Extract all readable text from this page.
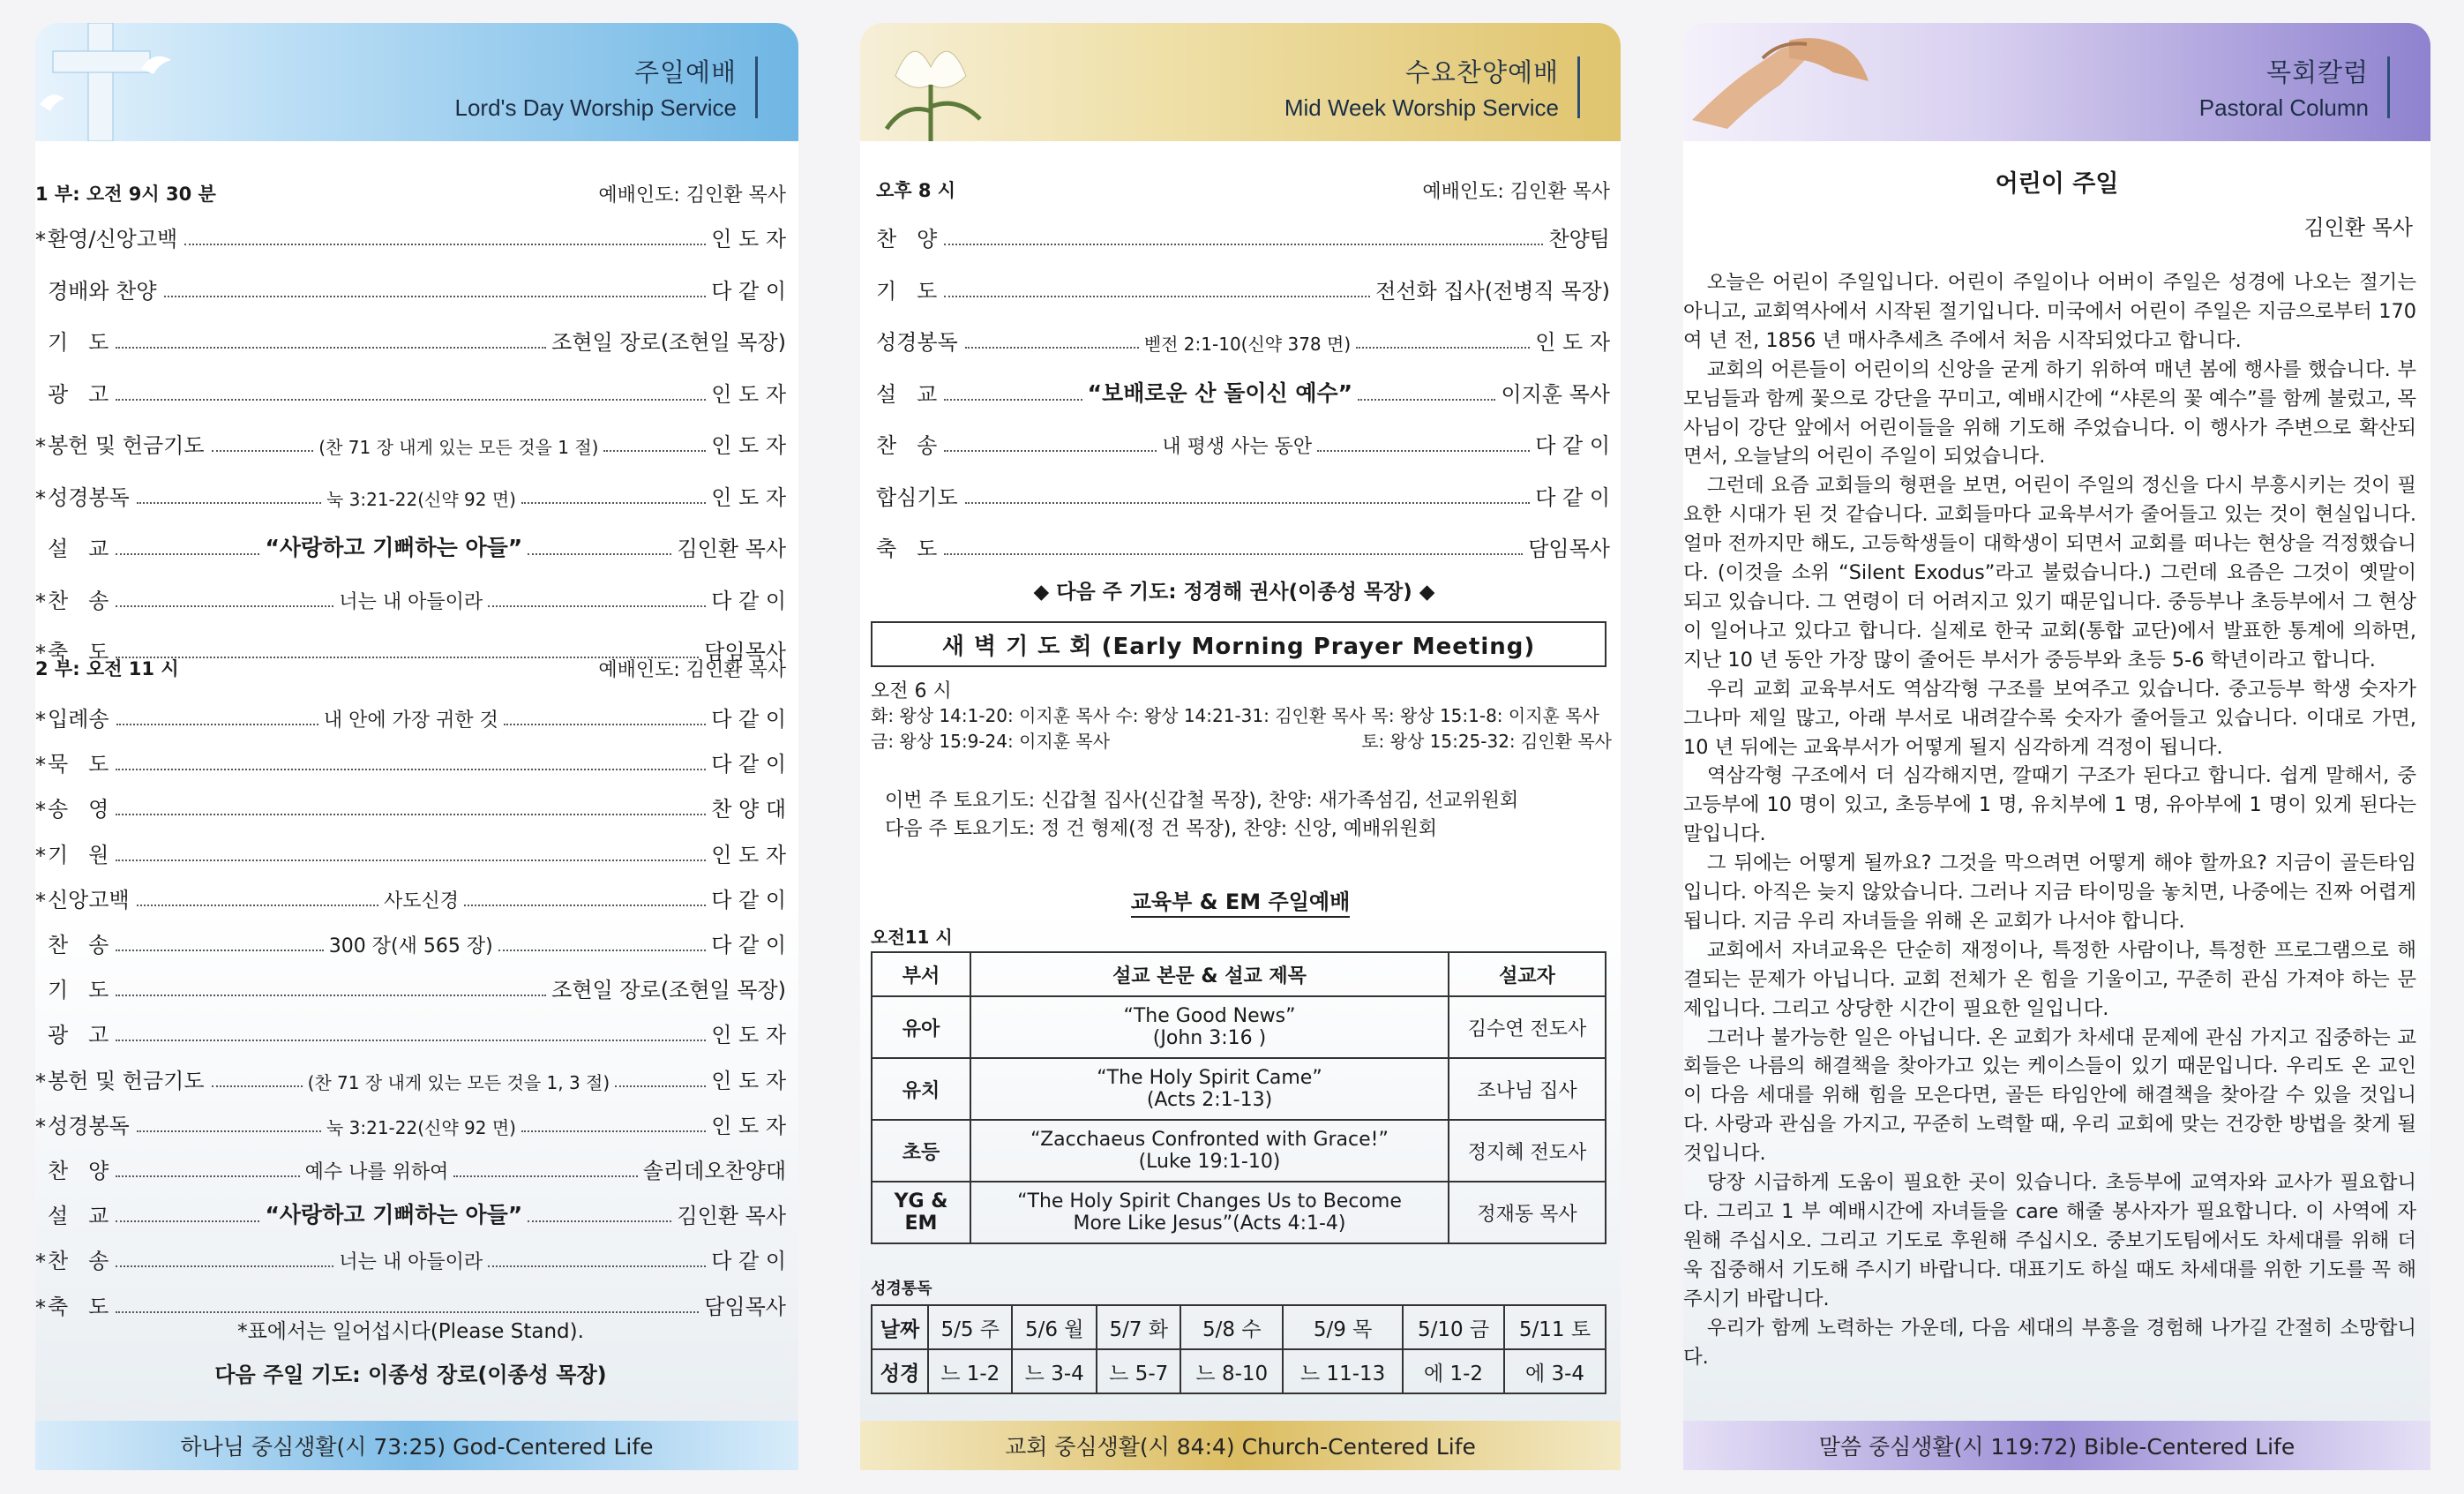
주일예배
Lord's Day Worship Service
1 부: 오전 9시 30 분	예배인도: 김인환 목사
* 환영/신앙고백	인 도 자
경배와 찬양	다 같 이
기   도	조현일 장로(조현일 목장)
광   고	인 도 자
* 봉헌 및 헌금기도	(찬 71 장 내게 있는 모든 것을 1 절)	인 도 자
* 성경봉독	눅 3:21-22(신약 92 면)	인 도 자
설   교	“사랑하고 기뻐하는 아들”	김인환 목사
* 찬   송	너는 내 아들이라	다 같 이
* 축   도	담임목사
2 부: 오전 11 시	예배인도: 김인환 목사
* 입례송	내 안에 가장 귀한 것	다 같 이
* 묵   도	다 같 이
* 송   영	찬 양 대
* 기   원	인 도 자
* 신앙고백	사도신경	다 같 이
찬   송	300 장(새 565 장)	다 같 이
기   도	조현일 장로(조현일 목장)
광   고	인 도 자
* 봉헌 및 헌금기도	(찬 71 장 내게 있는 모든 것을 1, 3 절)	인 도 자
* 성경봉독	눅 3:21-22(신약 92 면)	인 도 자
찬   양	예수 나를 위하여	솔리데오찬양대
설   교	“사랑하고 기뻐하는 아들”	김인환 목사
* 찬   송	너는 내 아들이라	다 같 이
* 축   도	담임목사
*표에서는 일어섭시다(Please Stand).
다음 주일 기도: 이종성 장로(이종성 목장)
하나님 중심생활(시 73:25) God-Centered Life
수요찬양예배
Mid Week Worship Service
오후 8 시	예배인도: 김인환 목사
찬   양	찬양팀
기   도	전선화 집사(전병직 목장)
성경봉독	벧전 2:1-10(신약 378 면)	인 도 자
설   교	“보배로운 산 돌이신 예수”	이지훈 목사
찬   송	내 평생 사는 동안	다 같 이
합심기도	다 같 이
축   도	담임목사
◆ 다음 주 기도: 정경해 권사(이종성 목장) ◆
새 벽 기 도 회 (Early Morning Prayer Meeting)
오전 6 시
화: 왕상 14:1-20: 이지훈 목사 수: 왕상 14:21-31: 김인환 목사 목: 왕상 15:1-8: 이지훈 목사
금: 왕상 15:9-24: 이지훈 목사	토: 왕상 15:25-32: 김인환 목사
이번 주 토요기도: 신갑철 집사(신갑철 목장), 찬양: 새가족섬김, 선교위원회
다음 주 토요기도: 정 건 형제(정 건 목장), 찬양: 신앙, 예배위원회
교육부 & EM 주일예배
오전11 시
부서	설교 본문 & 설교 제목	설교자
유아	“The Good News”
(John 3:16 )	김수연 전도사
유치	“The Holy Spirit Came”
(Acts 2:1-13)	조나님 집사
초등	“Zacchaeus Confronted with Grace!”
(Luke 19:1-10)	정지혜 전도사
YG & EM	“The Holy Spirit Changes Us to Become
More Like Jesus”(Acts 4:1-4)	정재동 목사
성경통독
날짜	5/5 주	5/6 월	5/7 화	5/8 수	5/9 목	5/10 금	5/11 토
성경	느 1-2	느 3-4	느 5-7	느 8-10	느 11-13	에 1-2	에 3-4
교회 중심생활(시 84:4) Church-Centered Life
목회칼럼
Pastoral Column
어린이 주일
김인환 목사

오늘은 어린이 주일입니다. 어린이 주일이나 어버이 주일은 성경에 나오는 절기는 아니고, 교회역사에서 시작된 절기입니다. 미국에서 어린이 주일은 지금으로부터 170 여 년 전, 1856 년 매사추세츠 주에서 처음 시작되었다고 합니다.

교회의 어른들이 어린이의 신앙을 굳게 하기 위하여 매년 봄에 행사를 했습니다. 부모님들과 함께 꽃으로 강단을 꾸미고, 예배시간에 “샤론의 꽃 예수”를 함께 불렀고, 목사님이 강단 앞에서 어린이들을 위해 기도해 주었습니다. 이 행사가 주변으로 확산되면서, 오늘날의 어린이 주일이 되었습니다.

그런데 요즘 교회들의 형편을 보면, 어린이 주일의 정신을 다시 부흥시키는 것이 필요한 시대가 된 것 같습니다. 교회들마다 교육부서가 줄어들고 있는 것이 현실입니다. 얼마 전까지만 해도, 고등학생들이 대학생이 되면서 교회를 떠나는 현상을 걱정했습니다. (이것을 소위 “Silent Exodus”라고 불렀습니다.) 그런데 요즘은 그것이 옛말이 되고 있습니다. 그 연령이 더 어려지고 있기 때문입니다. 중등부나 초등부에서 그 현상이 일어나고 있다고 합니다. 실제로 한국 교회(통합 교단)에서 발표한 통계에 의하면, 지난 10 년 동안 가장 많이 줄어든 부서가 중등부와 초등 5-6 학년이라고 합니다.

우리 교회 교육부서도 역삼각형 구조를 보여주고 있습니다. 중고등부 학생 숫자가 그나마 제일 많고, 아래 부서로 내려갈수록 숫자가 줄어들고 있습니다. 이대로 가면, 10 년 뒤에는 교육부서가 어떻게 될지 심각하게 걱정이 됩니다.

역삼각형 구조에서 더 심각해지면, 깔때기 구조가 된다고 합니다. 쉽게 말해서, 중고등부에 10 명이 있고, 초등부에 1 명, 유치부에 1 명, 유아부에 1 명이 있게 된다는 말입니다.

그 뒤에는 어떻게 될까요? 그것을 막으려면 어떻게 해야 할까요? 지금이 골든타임입니다. 아직은 늦지 않았습니다. 그러나 지금 타이밍을 놓치면, 나중에는 진짜 어렵게 됩니다. 지금 우리 자녀들을 위해 온 교회가 나서야 합니다.

교회에서 자녀교육은 단순히 재정이나, 특정한 사람이나, 특정한 프로그램으로 해결되는 문제가 아닙니다. 교회 전체가 온 힘을 기울이고, 꾸준히 관심 가져야 하는 문제입니다. 그리고 상당한 시간이 필요한 일입니다.

그러나 불가능한 일은 아닙니다. 온 교회가 차세대 문제에 관심 가지고 집중하는 교회들은 나름의 해결책을 찾아가고 있는 케이스들이 있기 때문입니다. 우리도 온 교인이 다음 세대를 위해 힘을 모은다면, 골든 타임안에 해결책을 찾아갈 수 있을 것입니다. 사랑과 관심을 가지고, 꾸준히 노력할 때, 우리 교회에 맞는 건강한 방법을 찾게 될 것입니다.

당장 시급하게 도움이 필요한 곳이 있습니다. 초등부에 교역자와 교사가 필요합니다. 그리고 1 부 예배시간에 자녀들을 care 해줄 봉사자가 필요합니다. 이 사역에 자원해 주십시오. 그리고 기도로 후원해 주십시오. 중보기도팀에서도 차세대를 위해 더욱 집중해서 기도해 주시기 바랍니다. 대표기도 하실 때도 차세대를 위한 기도를 꼭 해주시기 바랍니다.

우리가 함께 노력하는 가운데, 다음 세대의 부흥을 경험해 나가길 간절히 소망합니다.

말씀 중심생활(시 119:72) Bible-Centered Life
